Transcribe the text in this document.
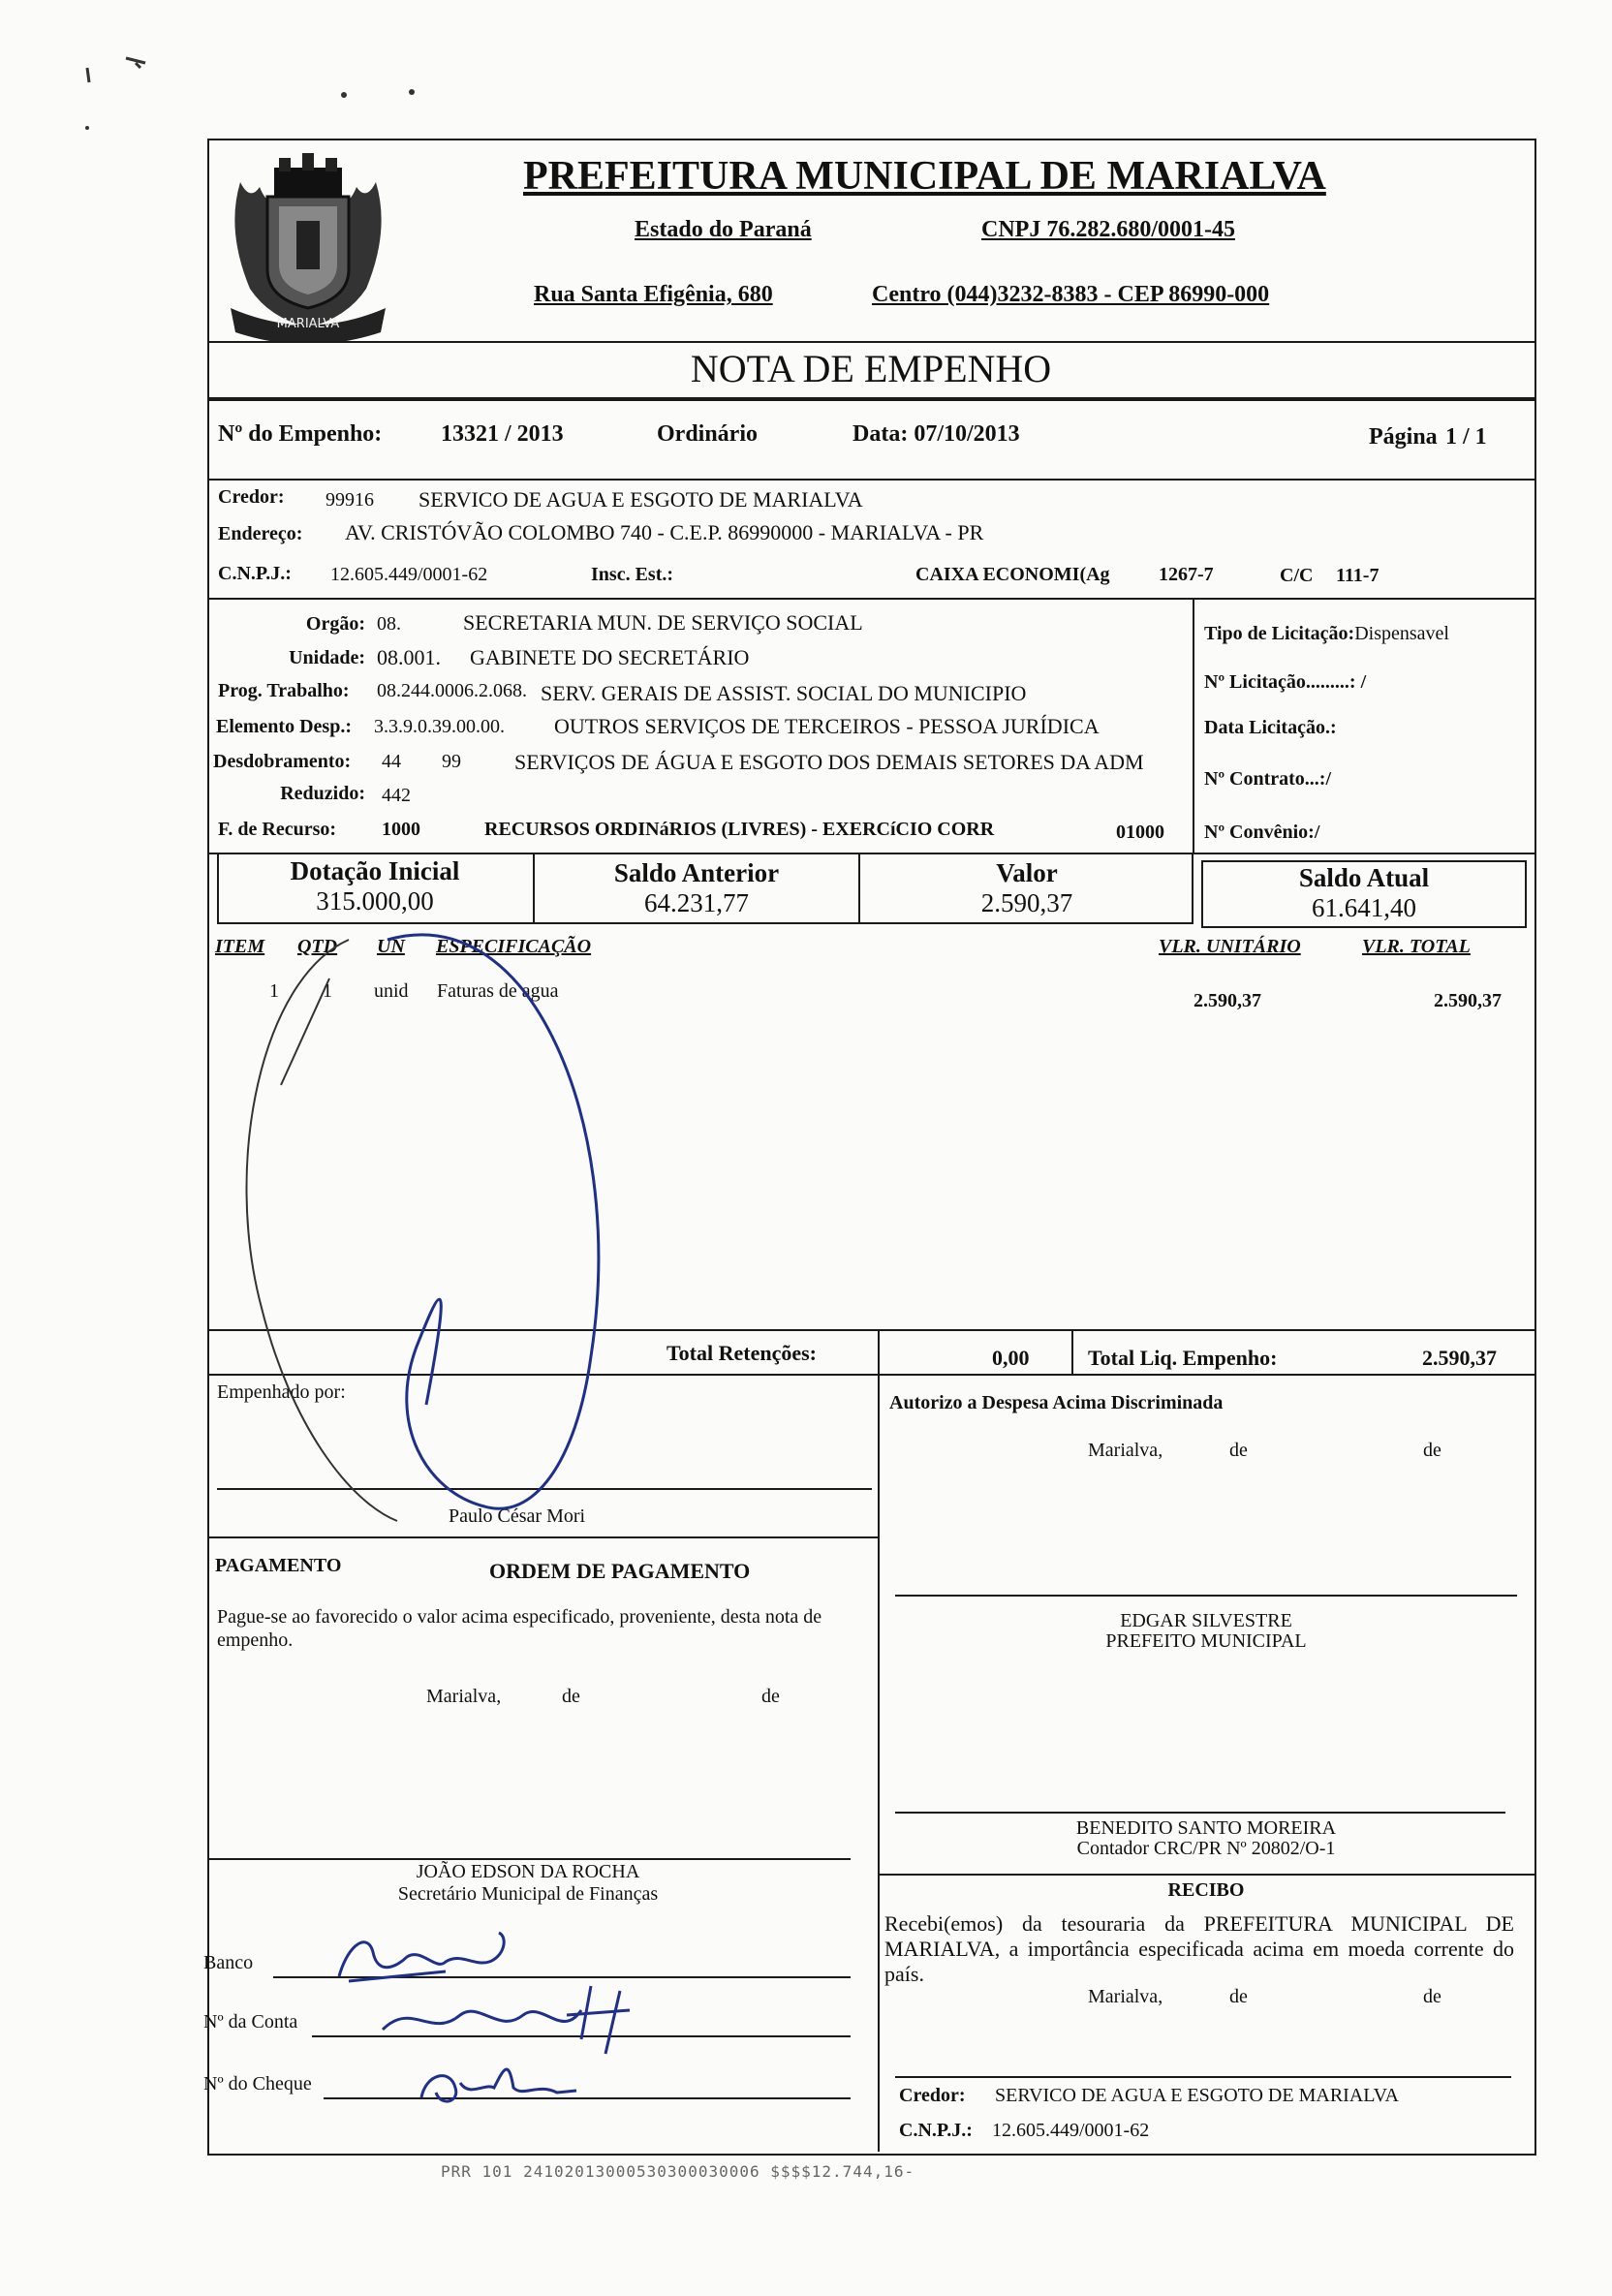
MARIALVA
PREFEITURA MUNICIPAL DE MARIALVA
Estado do Paraná	CNPJ 76.282.680/0001-45
Rua Santa Efigênia, 680	Centro (044)3232-8383 - CEP 86990-000
NOTA DE EMPENHO
Nº do Empenho:	13321 / 2013	Ordinário	Data: 07/10/2013	Página 1 / 1
Credor: 99916 SERVICO DE AGUA E ESGOTO DE MARIALVA
Endereço: AV. CRISTÓVÃO COLOMBO 740 - C.E.P. 86990000 - MARIALVA - PR
C.N.P.J.: 12.605.449/0001-62	Insc. Est.:	CAIXA ECONOMI(Ag	1267-7	C/C 111-7
Orgão: 08.	SECRETARIA MUN. DE SERVIÇO SOCIAL
Unidade: 08.001. GABINETE DO SECRETÁRIO
Prog. Trabalho: 08.244.0006.2.068. SERV. GERAIS DE ASSIST. SOCIAL DO MUNICIPIO
Elemento Desp.: 3.3.9.0.39.00.00. OUTROS SERVIÇOS DE TERCEIROS - PESSOA JURÍDICA
Desdobramento: 44 99	SERVIÇOS DE ÁGUA E ESGOTO DOS DEMAIS SETORES DA ADM
Reduzido: 442
F. de Recurso: 1000	RECURSOS ORDINáRIOS (LIVRES) - EXERCíCIO CORR	01000
Tipo de Licitação:Dispensavel
Nº Licitação.........: /
Data Licitação.:
Nº Contrato...:/
Nº Convênio:/
Dotação Inicial
315.000,00
Saldo Anterior
64.231,77
Valor
2.590,37
Saldo Atual
61.641,40
ITEM QTD UN ESPECIFICAÇÃO	VLR. UNITÁRIO	VLR. TOTAL
1 1 unid Faturas de agua	2.590,37	2.590,37
Total Retenções:	0,00	Total Liq. Empenho:	2.590,37
Empenhado por:
Paulo César Mori
Autorizo a Despesa Acima Discriminada
Marialva,	de	de
EDGAR SILVESTRE
PREFEITO MUNICIPAL
PAGAMENTO	ORDEM DE PAGAMENTO
Pague-se ao favorecido o valor acima especificado, proveniente, desta nota de empenho.
Marialva,	de	de
BENEDITO SANTO MOREIRA
Contador CRC/PR Nº 20802/O-1
JOÃO EDSON DA ROCHA
Secretário Municipal de Finanças
Banco
Nº da Conta
Nº do Cheque
RECIBO
Recebi(emos) da tesouraria da PREFEITURA MUNICIPAL DE MARIALVA, a importância especificada acima em moeda corrente do país.
Marialva,	de	de
Credor: SERVICO DE AGUA E ESGOTO DE MARIALVA
C.N.P.J.: 12.605.449/0001-62
PRR 101 24102013000530300030006 $$$$12.744,16-
